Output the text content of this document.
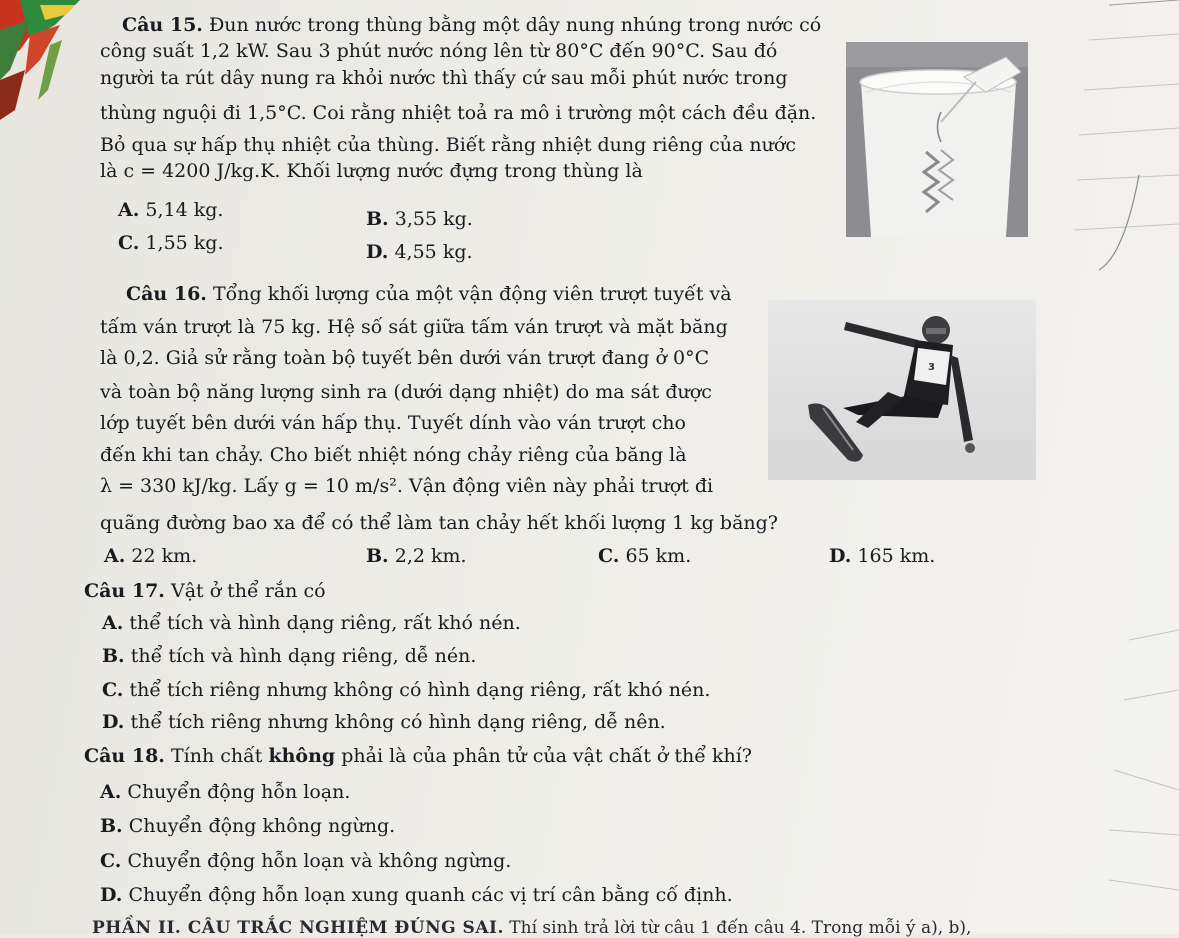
Câu 15. Đun nước trong thùng bằng một dây nung nhúng trong nước có
công suất 1,2 kW. Sau 3 phút nước nóng lên từ 80°C đến 90°C. Sau đó
người ta rút dây nung ra khỏi nước thì thấy cứ sau mỗi phút nước trong
thùng nguội đi 1,5°C. Coi rằng nhiệt toả ra mô i trường một cách đều đặn.
Bỏ qua sự hấp thụ nhiệt của thùng. Biết rằng nhiệt dung riêng của nước
là c = 4200 J/kg.K. Khối lượng nước đựng trong thùng là
A. 5,14 kg.	B. 3,55 kg.
C. 1,55 kg.	D. 4,55 kg.
Câu 16. Tổng khối lượng của một vận động viên trượt tuyết và
tấm ván trượt là 75 kg. Hệ số sát giữa tấm ván trượt và mặt băng
là 0,2. Giả sử rằng toàn bộ tuyết bên dưới ván trượt đang ở 0°C
và toàn bộ năng lượng sinh ra (dưới dạng nhiệt) do ma sát được
lớp tuyết bên dưới ván hấp thụ. Tuyết dính vào ván trượt cho
đến khi tan chảy. Cho biết nhiệt nóng chảy riêng của băng là
λ = 330 kJ/kg. Lấy g = 10 m/s². Vận động viên này phải trượt đi
quãng đường bao xa để có thể làm tan chảy hết khối lượng 1 kg băng?
3
A. 22 km.	B. 2,2 km.	C. 65 km.	D. 165 km.
Câu 17. Vật ở thể rắn có
A. thể tích và hình dạng riêng, rất khó nén.
B. thể tích và hình dạng riêng, dễ nén.
C. thể tích riêng nhưng không có hình dạng riêng, rất khó nén.
D. thể tích riêng nhưng không có hình dạng riêng, dễ nên.
Câu 18. Tính chất không phải là của phân tử của vật chất ở thể khí?
A. Chuyển động hỗn loạn.
B. Chuyển động không ngừng.
C. Chuyển động hỗn loạn và không ngừng.
D. Chuyển động hỗn loạn xung quanh các vị trí cân bằng cố định.
PHẦN II. CÂU TRẮC NGHIỆM ĐÚNG SAI. Thí sinh trả lời từ câu 1 đến câu 4. Trong mỗi ý a), b),
